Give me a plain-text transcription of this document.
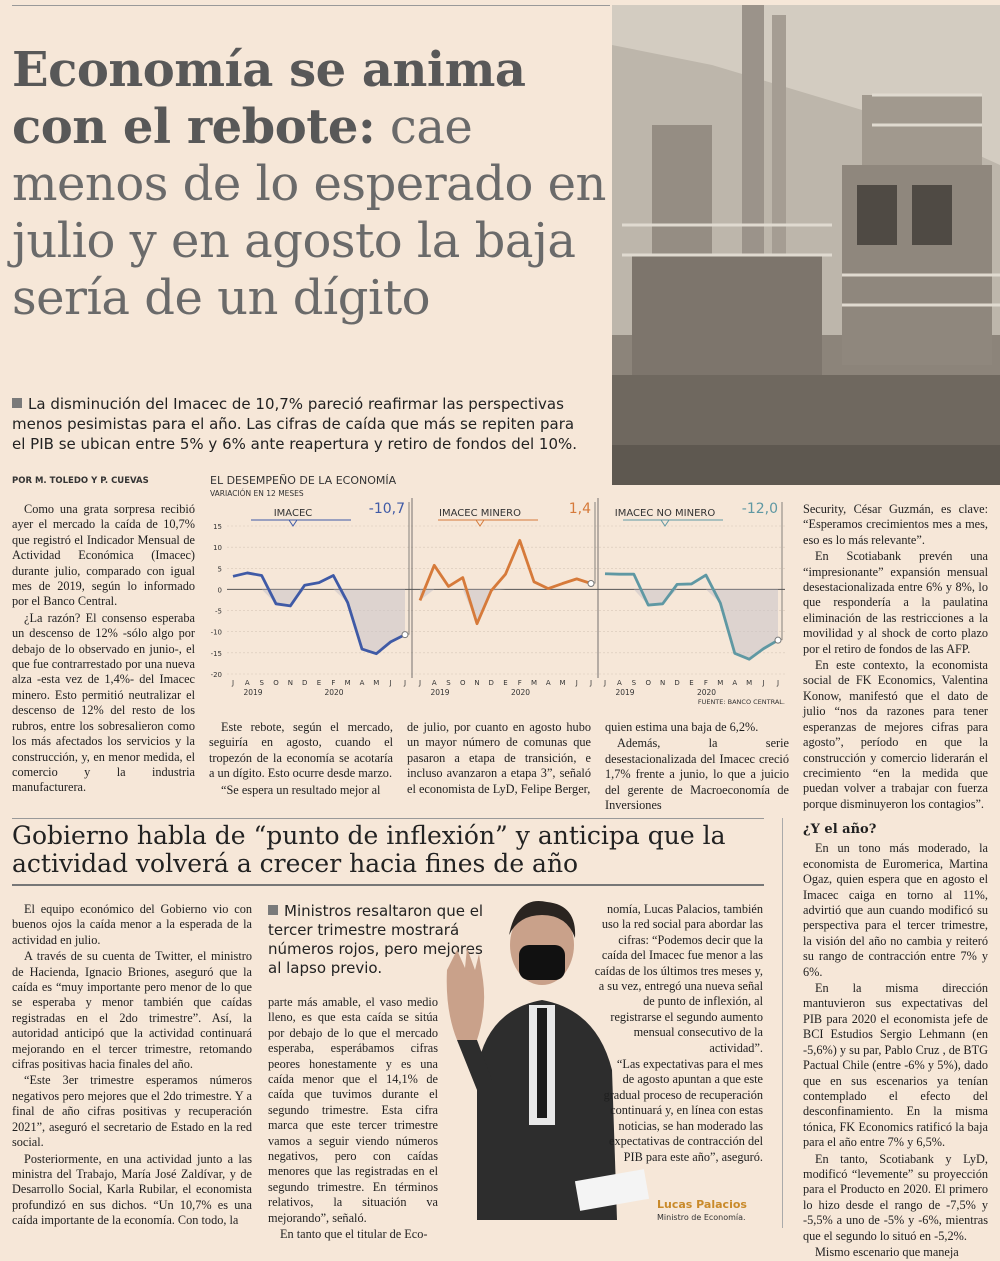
Economía se anima con el rebote: cae menos de lo esperado en julio y en agosto la baja sería de un dígito
La disminución del Imacec de 10,7% pareció reafirmar las perspectivas menos pesimistas para el año. Las cifras de caída que más se repiten para el PIB se ubican entre 5% y 6% ante reapertura y retiro de fondos del 10%.
POR M. TOLEDO Y P. CUEVAS

Como una grata sorpresa recibió ayer el mercado la caída de 10,7% que registró el Indicador Mensual de Actividad Económica (Imacec) durante julio, comparado con igual mes de 2019, según lo informado por el Banco Central.

¿La razón? El consenso esperaba un descenso de 12% -sólo algo por debajo de lo observado en junio-, el que fue contrarrestado por una nueva alza -esta vez de 1,4%- del Imacec minero. Esto permitió neutralizar el descenso de 12% del resto de los rubros, entre los sobresalieron como los más afectados los servicios y la construcción, y, en menor medida, el comercio y la industria manufacturera.

Este rebote, según el mercado, seguiría en agosto, cuando el tropezón de la economía se acotaría a un dígito. Esto ocurre desde marzo.

“Se espera un resultado mejor al

de julio, por cuanto en agosto hubo un mayor número de comunas que pasaron a etapa de transición, e incluso avanzaron a etapa 3”, señaló el economista de LyD, Felipe Berger,

quien estima una baja de 6,2%.

Además, la serie desestacionalizada del Imacec creció 1,7% frente a junio, lo que a juicio del gerente de Macroeconomía de Inversiones

Security, César Guzmán, es clave: “Esperamos crecimientos mes a mes, eso es lo más relevante”.

En Scotiabank prevén una “impresionante” expansión mensual desestacionalizada entre 6% y 8%, lo que respondería a la paulatina eliminación de las restricciones a la movilidad y al shock de corto plazo por el retiro de fondos de las AFP.

En este contexto, la economista social de FK Economics, Valentina Konow, manifestó que el dato de julio “nos da razones para tener esperanzas de mejores cifras para agosto”, período en que la construcción y comercio liderarán el crecimiento “en la medida que puedan volver a trabajar con fuerza porque disminuyeron los contagios”.

15
10
5
0
-5
-10
-15
-20
IMACEC	-10,7
J A S O N D E F M A M J J
2019	2020
IMACEC MINERO	1,4
J A S O N D E F M A M J J
2019	2020
IMACEC NO MINERO -12,0
J A S O N D E F M A M J J
2019	2020
EL DESEMPEÑO DE LA ECONOMÍA
VARIACIÓN EN 12 MESES
FUENTE: BANCO CENTRAL.
Gobierno habla de “punto de inflexión” y anticipa que la actividad volverá a crecer hacia fines de año

El equipo económico del Gobierno vio con buenos ojos la caída menor a la esperada de la actividad en julio.

A través de su cuenta de Twitter, el ministro de Hacienda, Ignacio Briones, aseguró que la caída es “muy importante pero menor de lo que se esperaba y menor también que caídas registradas en el 2do trimestre”. Así, la autoridad anticipó que la actividad continuará mejorando en el tercer trimestre, retomando cifras positivas hacia finales del año.

“Este 3er trimestre esperamos números negativos pero mejores que el 2do trimestre. Y a final de año cifras positivas y recuperación 2021”, aseguró el secretario de Estado en la red social.

Posteriormente, en una actividad junto a las ministra del Trabajo, María José Zaldívar, y de Desarrollo Social, Karla Rubilar, el economista profundizó en sus dichos. “Un 10,7% es una caída importante de la economía. Con todo, la

Ministros resaltaron que el tercer trimestre mostrará números rojos, pero mejores al lapso previo.

parte más amable, el vaso medio lleno, es que esta caída se sitúa por debajo de lo que el mercado esperaba, esperábamos cifras peores honestamente y es una caída menor que el 14,1% de caída que tuvimos durante el segundo trimestre. Esta cifra marca que este tercer trimestre vamos a seguir viendo números negativos, pero con caídas menores que las registradas en el segundo trimestre. En términos relativos, la situación va mejorando”, señaló.

En tanto que el titular de Eco-

nomía, Lucas Palacios, también uso la red social para abordar las cifras: “Podemos decir que la caída del Imacec fue menor a las caídas de los últimos tres meses y, a su vez, entregó una nueva señal de punto de inflexión, al registrarse el segundo aumento mensual consecutivo de la actividad”.

“Las expectativas para el mes de agosto apuntan a que este gradual proceso de recuperación continuará y, en línea con estas noticias, se han moderado las expectativas de contracción del PIB para este año”, aseguró.

Lucas Palacios
Ministro de Economía.
¿Y el año?

En un tono más moderado, la economista de Euromerica, Martina Ogaz, quien espera que en agosto el Imacec caiga en torno al 11%, advirtió que aun cuando modificó su perspectiva para el tercer trimestre, la visión del año no cambia y reiteró su rango de contracción entre 7% y 6%.

En la misma dirección mantuvieron sus expectativas del PIB para 2020 el economista jefe de BCI Estudios Sergio Lehmann (en -5,6%) y su par, Pablo Cruz , de BTG Pactual Chile (entre -6% y 5%), dado que en sus escenarios ya tenían contemplado el efecto del desconfinamiento. En la misma tónica, FK Economics ratificó la baja para el año entre 7% y 6,5%.

En tanto, Scotiabank y LyD, modificó “levemente” su proyección para el Producto en 2020. El primero lo hizo desde el rango de -7,5% y -5,5% a uno de -5% y -6%, mientras que el segundo lo situó en -5,2%.

Mismo escenario que maneja
